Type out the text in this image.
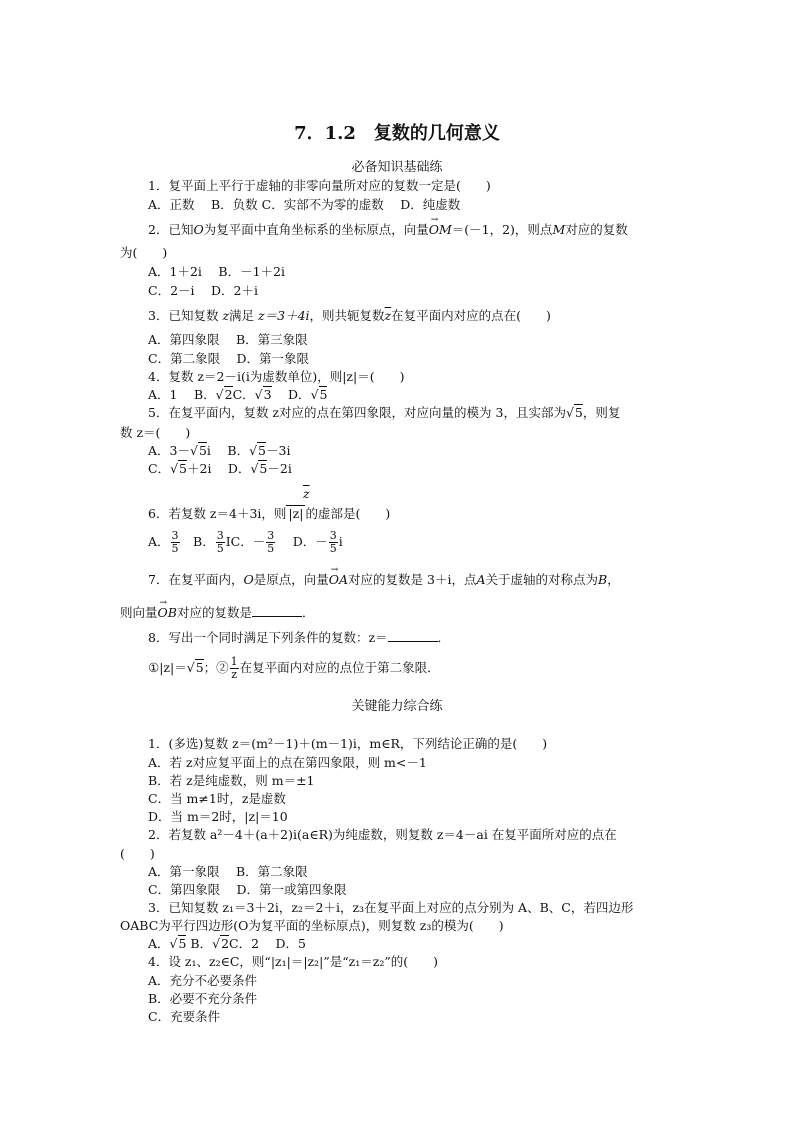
7．1.2　复数的几何意义
必备知识基础练
1．复平面上平行于虚轴的非零向量所对应的复数一定是(　　)
A．正数　 B．负数 C．实部不为零的虚数　 D．纯虚数
2．已知O为复平面中直角坐标系的坐标原点，向量→ OM＝(－1，2)，则点M对应的复数
为(　　)
A．1＋2i　 B．－1＋2i
C．2－i　 D．2＋i
3．已知复数 z满足 z＝3＋4i，则共轭复数$\overline{z}$在复平面内对应的点在(　　)
A．第四象限　 B．第三象限
C．第二象限　 D．第一象限
4．复数 z＝2－i(i为虚数单位)，则|z|＝(　　)
A．1　 B．√2C．√3　 D．√5
5．在复平面内，复数 z对应的点在第四象限，对应向量的模为 3，且实部为√5，则复
数 z＝(　　)
A．3－√5i　 B．√5－3i
C．√5＋2i　 D．√5－2i
$\overline{z}$
6．若复数 z＝4＋3i，则 |z| 的虚部是(　　)
A． $\frac{3}{5}$ 　B． $\frac{3}{5}$ IC．－ $\frac{3}{5}$ 　 D．－ $\frac{3}{5}$ i
7．在复平面内，O是原点，向量→ OA对应的复数是 3＋i，点A关于虚轴的对称点为B，
则向量→ OB对应的复数是	．
8．写出一个同时满足下列条件的复数：z＝	．
①|z|＝√5；② $\frac{1}{z}$ 在复平面内对应的点位于第二象限．
关键能力综合练
1．(多选)复数 z＝(m²－1)＋(m－1)i，m∈R，下列结论正确的是(　　)
A．若 z对应复平面上的点在第四象限，则 m<－1
B．若 z是纯虚数，则 m＝±1
C．当 m≠1时，z是虚数
D．当 m＝2时，|z|＝10
2．若复数 a²－4＋(a＋2)i(a∈R)为纯虚数，则复数 z＝4－ai 在复平面所对应的点在
(　　)
A．第一象限　 B．第二象限
C．第四象限　 D．第一或第四象限
3．已知复数 z₁＝3＋2i，z₂＝2＋i，z₃在复平面上对应的点分别为 A、B、C，若四边形
OABC为平行四边形(O为复平面的坐标原点)，则复数 z₃的模为(　　)
A．√5 B．√2C．2　 D．5
4．设 z₁、z₂∈C，则“|z₁|＝|z₂|”是“z₁＝z₂”的(　　)
A．充分不必要条件
B．必要不充分条件
C．充要条件
